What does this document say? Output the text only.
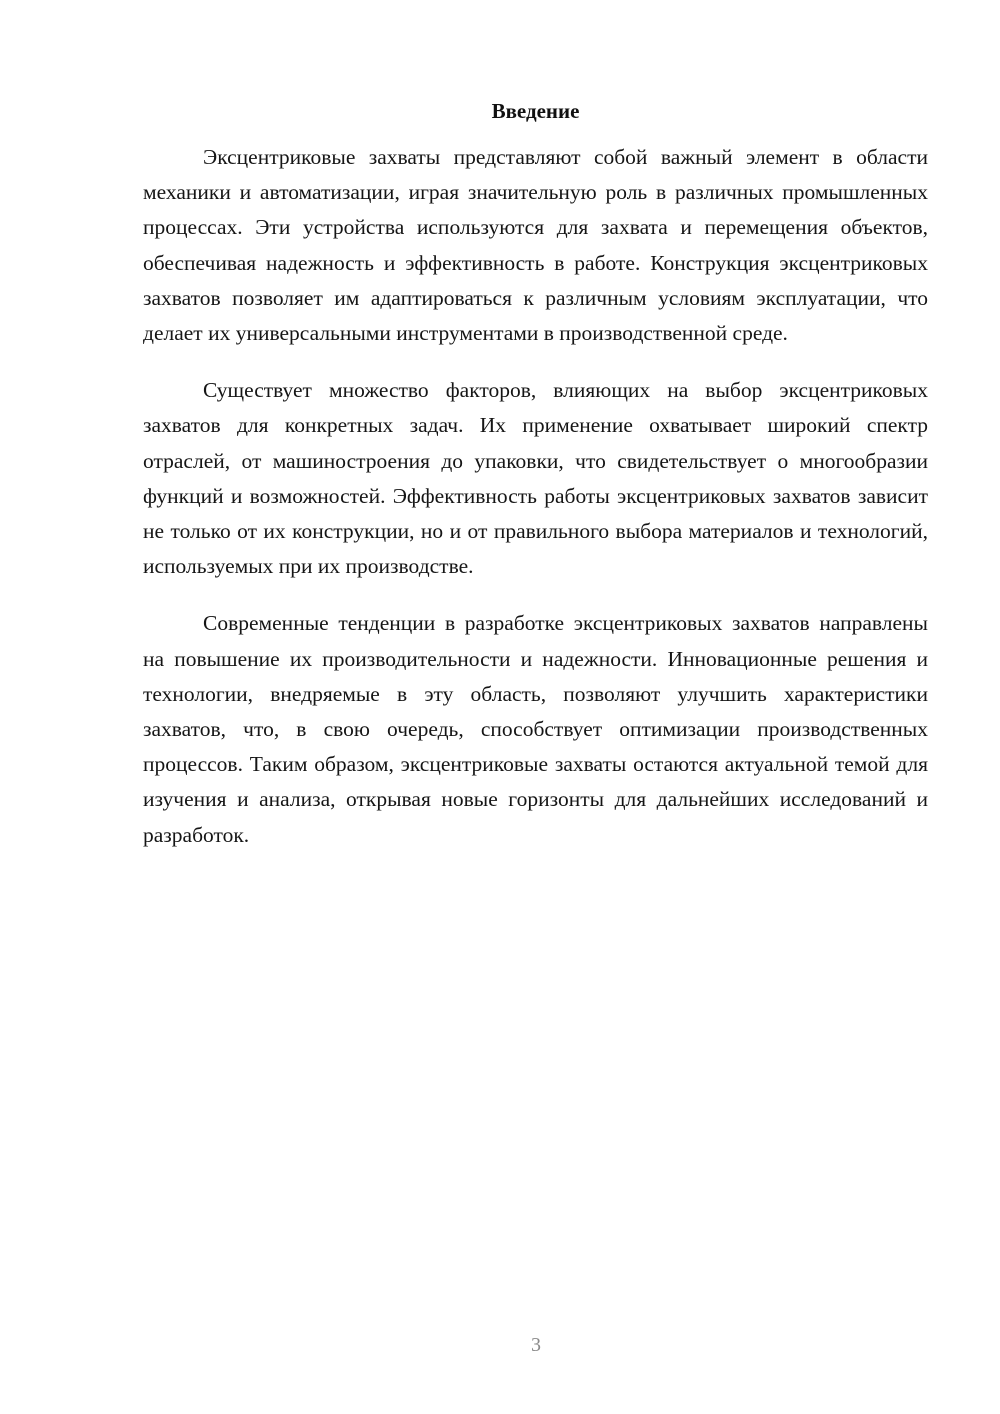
Введение

Эксцентриковые захваты представляют собой важный элемент в области механики и автоматизации, играя значительную роль в различных промышленных процессах. Эти устройства используются для захвата и перемещения объектов, обеспечивая надежность и эффективность в работе. Конструкция эксцентриковых захватов позволяет им адаптироваться к различным условиям эксплуатации, что делает их универсальными инструментами в производственной среде.

Существует множество факторов, влияющих на выбор эксцентриковых захватов для конкретных задач. Их применение охватывает широкий спектр отраслей, от машиностроения до упаковки, что свидетельствует о многообразии функций и возможностей. Эффективность работы эксцентриковых захватов зависит не только от их конструкции, но и от правильного выбора материалов и технологий, используемых при их производстве.

Современные тенденции в разработке эксцентриковых захватов направлены на повышение их производительности и надежности. Инновационные решения и технологии, внедряемые в эту область, позволяют улучшить характеристики захватов, что, в свою очередь, способствует оптимизации производственных процессов. Таким образом, эксцентриковые захваты остаются актуальной темой для изучения и анализа, открывая новые горизонты для дальнейших исследований и разработок.

3
